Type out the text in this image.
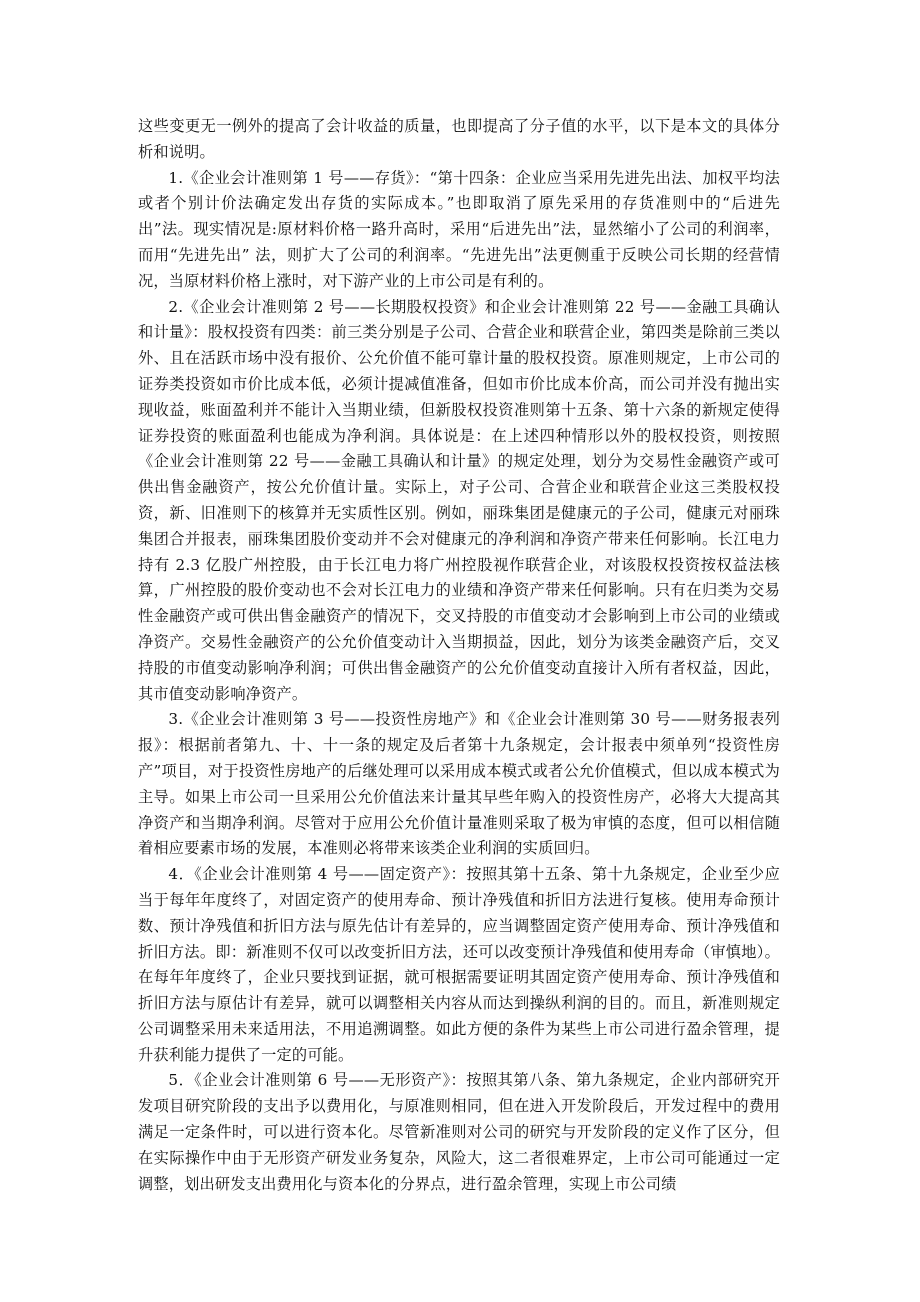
这些变更无一例外的提高了会计收益的质量，也即提高了分子值的水平，以下是本文的具体分析和说明。

1.《企业会计准则第 1 号——存货》：“第十四条：企业应当采用先进先出法、加权平均法或者个别计价法确定发出存货的实际成本。”也即取消了原先采用的存货准则中的“后进先出”法。现实情况是:原材料价格一路升高时，采用“后进先出”法，显然缩小了公司的利润率，而用“先进先出” 法，则扩大了公司的利润率。“先进先出”法更侧重于反映公司长期的经营情况，当原材料价格上涨时，对下游产业的上市公司是有利的。

2.《企业会计准则第 2 号——长期股权投资》和企业会计准则第 22 号——金融工具确认和计量》：股权投资有四类：前三类分别是子公司、合营企业和联营企业，第四类是除前三类以外、且在活跃市场中没有报价、公允价值不能可靠计量的股权投资。原准则规定，上市公司的证券类投资如市价比成本低，必须计提减值准备，但如市价比成本价高，而公司并没有抛出实现收益，账面盈利并不能计入当期业绩，但新股权投资准则第十五条、第十六条的新规定使得证券投资的账面盈利也能成为净利润。具体说是：在上述四种情形以外的股权投资，则按照《企业会计准则第 22 号——金融工具确认和计量》的规定处理，划分为交易性金融资产或可供出售金融资产，按公允价值计量。实际上，对子公司、合营企业和联营企业这三类股权投资，新、旧准则下的核算并无实质性区别。例如，丽珠集团是健康元的子公司，健康元对丽珠集团合并报表，丽珠集团股价变动并不会对健康元的净利润和净资产带来任何影响。长江电力持有 2.3 亿股广州控股，由于长江电力将广州控股视作联营企业，对该股权投资按权益法核算，广州控股的股价变动也不会对长江电力的业绩和净资产带来任何影响。只有在归类为交易性金融资产或可供出售金融资产的情况下，交叉持股的市值变动才会影响到上市公司的业绩或净资产。交易性金融资产的公允价值变动计入当期损益，因此，划分为该类金融资产后，交叉持股的市值变动影响净利润；可供出售金融资产的公允价值变动直接计入所有者权益，因此，其市值变动影响净资产。

3.《企业会计准则第 3 号——投资性房地产》和《企业会计准则第 30 号——财务报表列报》：根据前者第九、十、十一条的规定及后者第十九条规定，会计报表中须单列“投资性房产”项目，对于投资性房地产的后继处理可以采用成本模式或者公允价值模式，但以成本模式为主导。如果上市公司一旦采用公允价值法来计量其早些年购入的投资性房产，必将大大提高其净资产和当期净利润。尽管对于应用公允价值计量准则采取了极为审慎的态度，但可以相信随着相应要素市场的发展，本准则必将带来该类企业利润的实质回归。

4．《企业会计准则第 4 号——固定资产》：按照其第十五条、第十九条规定，企业至少应当于每年年度终了，对固定资产的使用寿命、预计净残值和折旧方法进行复核。使用寿命预计数、预计净残值和折旧方法与原先估计有差异的，应当调整固定资产使用寿命、预计净残值和折旧方法。即：新准则不仅可以改变折旧方法，还可以改变预计净残值和使用寿命（审慎地）。在每年年度终了，企业只要找到证据，就可根据需要证明其固定资产使用寿命、预计净残值和折旧方法与原估计有差异，就可以调整相关内容从而达到操纵利润的目的。而且，新准则规定公司调整采用未来适用法，不用追溯调整。如此方便的条件为某些上市公司进行盈余管理，提升获利能力提供了一定的可能。

5．《企业会计准则第 6 号——无形资产》：按照其第八条、第九条规定，企业内部研究开发项目研究阶段的支出予以费用化，与原准则相同，但在进入开发阶段后，开发过程中的费用满足一定条件时，可以进行资本化。尽管新准则对公司的研究与开发阶段的定义作了区分，但在实际操作中由于无形资产研发业务复杂，风险大，这二者很难界定，上市公司可能通过一定调整，划出研发支出费用化与资本化的分界点，进行盈余管理，实现上市公司绩
